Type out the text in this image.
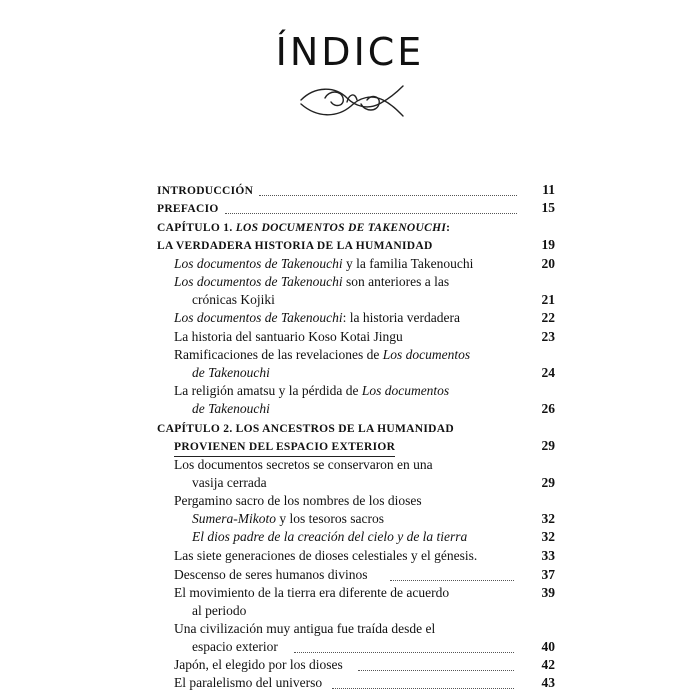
ÍNDICE
INTRODUCCIÓN	11
PREFACIO	15
CAPÍTULO 1. LOS DOCUMENTOS DE TAKENOUCHI:
LA VERDADERA HISTORIA DE LA HUMANIDAD	19
Los documentos de Takenouchi y la familia Takenouchi	20
Los documentos de Takenouchi son anteriores a las
crónicas Kojiki	21
Los documentos de Takenouchi: la historia verdadera	22
La historia del santuario Koso Kotai Jingu	23
Ramificaciones de las revelaciones de Los documentos
de Takenouchi	24
La religión amatsu y la pérdida de Los documentos
de Takenouchi	26
CAPÍTULO 2. LOS ANCESTROS DE LA HUMANIDAD
PROVIENEN DEL ESPACIO EXTERIOR	29
Los documentos secretos se conservaron en una
vasija cerrada	29
Pergamino sacro de los nombres de los dioses
Sumera-Mikoto y los tesoros sacros	32
El dios padre de la creación del cielo y de la tierra	32
Las siete generaciones de dioses celestiales y el génesis.	33
Descenso de seres humanos divinos	37
El movimiento de la tierra era diferente de acuerdo	39
al periodo
Una civilización muy antigua fue traída desde el
espacio exterior	40
Japón, el elegido por los dioses	42
El paralelismo del universo	43
